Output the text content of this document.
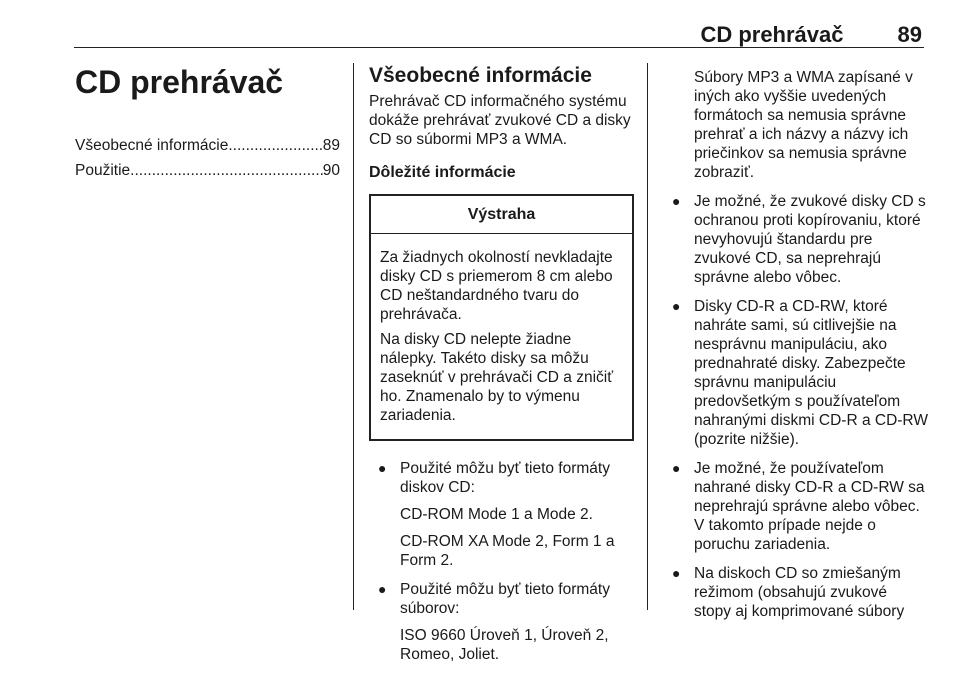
CD prehrávač 89
CD prehrávač
Všeobecné informácie .....	89
Použitie .....	90
Všeobecné informácie

Prehrávač CD informačného systému dokáže prehrávať zvukové CD a disky CD so súbormi MP3 a WMA.

Dôležité informácie
Výstraha

Za žiadnych okolností nevkladajte disky CD s priemerom 8 cm alebo CD neštandardného tvaru do prehrávača.

Na disky CD nelepte žiadne nálepky. Takéto disky sa môžu zaseknúť v prehrávači CD a zničiť ho. Znamenalo by to výmenu zariadenia.

● Použité môžu byť tieto formáty diskov CD:
CD-ROM Mode 1 a Mode 2.
CD-ROM XA Mode 2, Form 1 a Form 2.
● Použité môžu byť tieto formáty súborov:
ISO 9660 Úroveň 1, Úroveň 2, Romeo, Joliet.

Súbory MP3 a WMA zapísané v iných ako vyššie uvedených formátoch sa nemusia správne prehrať a ich názvy a názvy ich priečinkov sa nemusia správne zobraziť.

● Je možné, že zvukové disky CD s ochranou proti kopírovaniu, ktoré nevyhovujú štandardu pre zvukové CD, sa neprehrajú správne alebo vôbec.
● Disky CD-R a CD-RW, ktoré nahráte sami, sú citlivejšie na nesprávnu manipuláciu, ako prednahraté disky. Zabezpečte správnu manipuláciu predovšetkým s používateľom nahranými diskmi CD-R a CD-RW (pozrite nižšie).
● Je možné, že používateľom nahrané disky CD-R a CD-RW sa neprehrajú správne alebo vôbec. V takomto prípade nejde o poruchu zariadenia.
● Na diskoch CD so zmiešaným režimom (obsahujú zvukové stopy aj komprimované súbory
